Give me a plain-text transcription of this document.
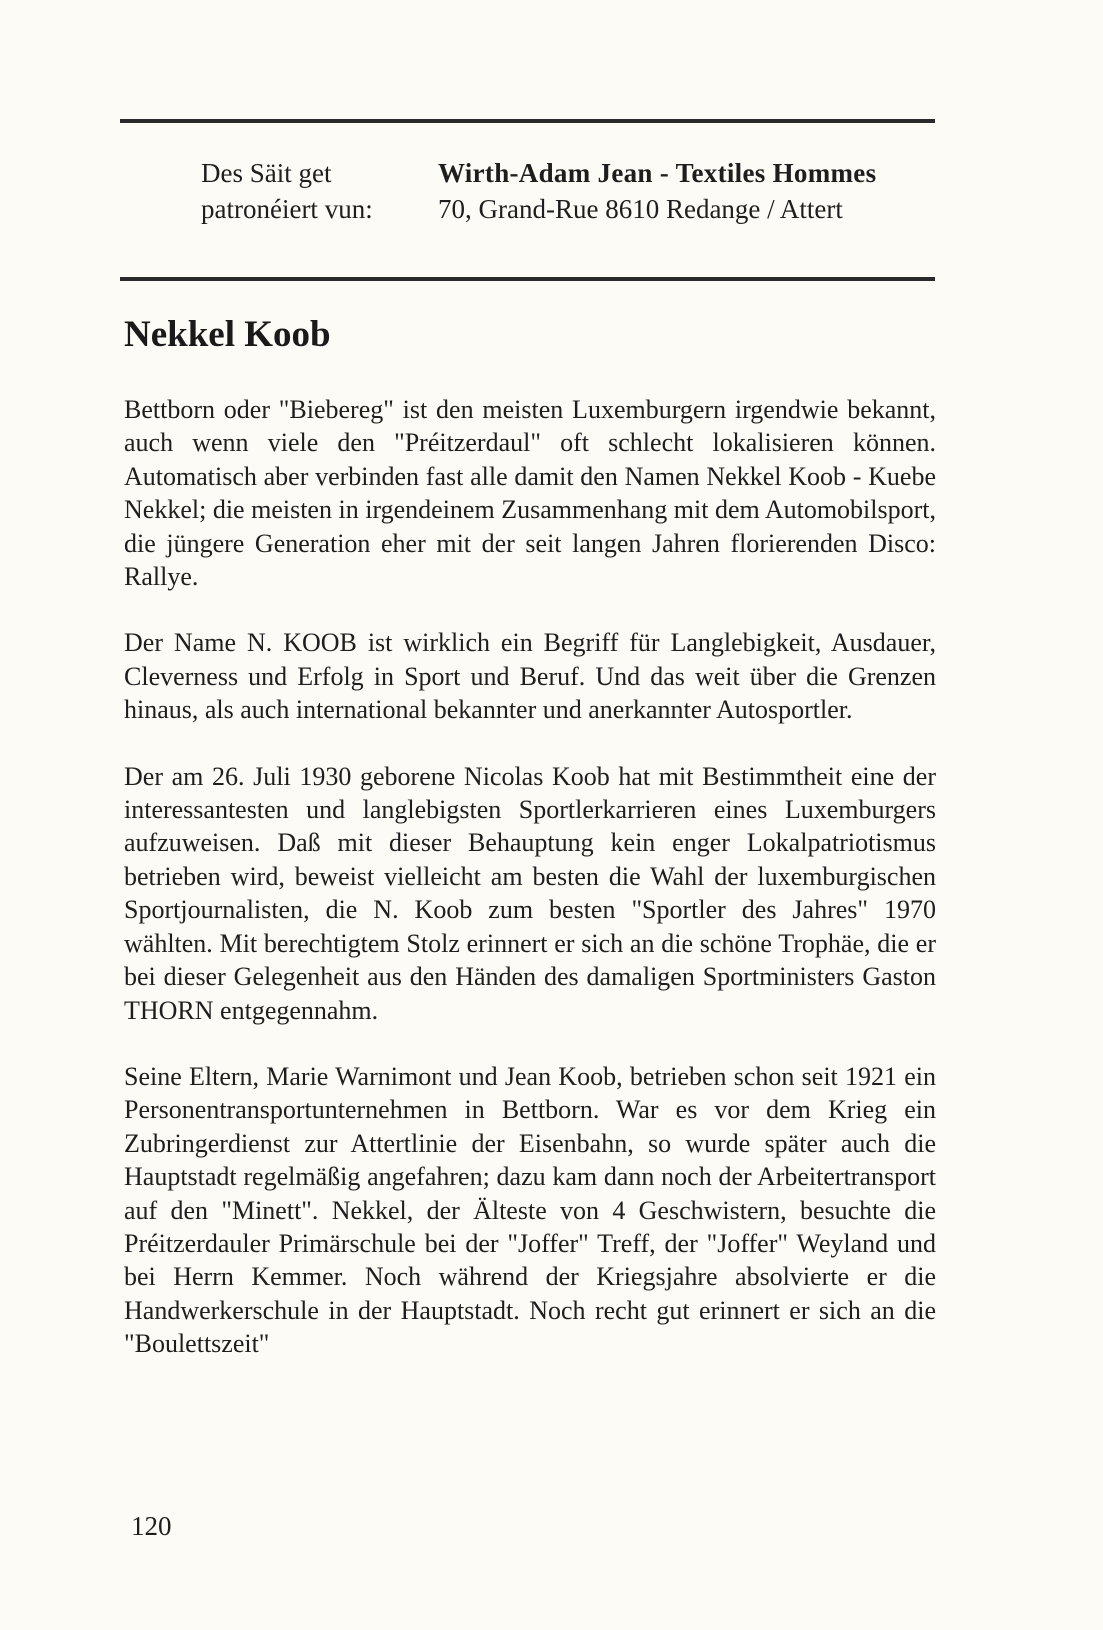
Des Säit get
patronéiert vun:
Wirth-Adam Jean - Textiles Hommes
70, Grand-Rue 8610 Redange / Attert
Nekkel Koob

Bettborn oder "Biebereg" ist den meisten Luxemburgern irgendwie bekannt, auch wenn viele den "Préitzerdaul" oft schlecht lokalisieren können. Automatisch aber verbinden fast alle damit den Namen Nekkel Koob - Kuebe Nekkel; die meisten in irgendeinem Zusammenhang mit dem Automobilsport, die jüngere Generation eher mit der seit langen Jahren florierenden Disco: Rallye.

Der Name N. KOOB ist wirklich ein Begriff für Langlebigkeit, Ausdauer, Cleverness und Erfolg in Sport und Beruf. Und das weit über die Grenzen hinaus, als auch international bekannter und anerkannter Autosportler.

Der am 26. Juli 1930 geborene Nicolas Koob hat mit Bestimmtheit eine der interessantesten und langlebigsten Sportlerkarrieren eines Luxemburgers aufzuweisen. Daß mit dieser Behauptung kein enger Lokalpatriotismus betrieben wird, beweist vielleicht am besten die Wahl der luxemburgischen Sportjournalisten, die N. Koob zum besten "Sportler des Jahres" 1970 wählten. Mit berechtigtem Stolz erinnert er sich an die schöne Trophäe, die er bei dieser Gelegenheit aus den Händen des damaligen Sportministers Gaston THORN entgegennahm.

Seine Eltern, Marie Warnimont und Jean Koob, betrieben schon seit 1921 ein Personentransportunternehmen in Bettborn. War es vor dem Krieg ein Zubringerdienst zur Attertlinie der Eisenbahn, so wurde später auch die Hauptstadt regelmäßig angefahren; dazu kam dann noch der Arbeitertransport auf den "Minett". Nekkel, der Älteste von 4 Geschwistern, besuchte die Préitzerdauler Primärschule bei der "Joffer" Treff, der "Joffer" Weyland und bei Herrn Kemmer. Noch während der Kriegsjahre absolvierte er die Handwerkerschule in der Hauptstadt. Noch recht gut erinnert er sich an die "Boulettszeit"

120
